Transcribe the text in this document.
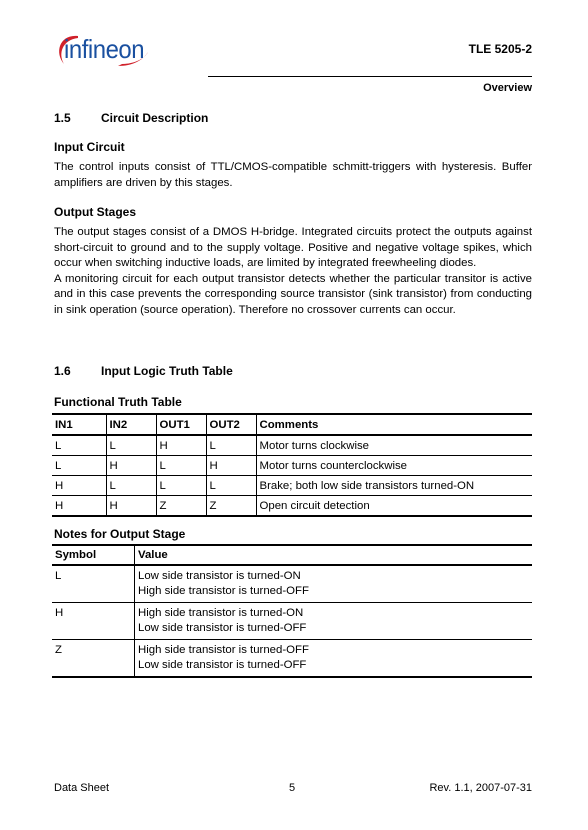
infineon	TLE 5205-2
Overview
1.5	Circuit Description
Input Circuit

The control inputs consist of TTL/CMOS-compatible schmitt-triggers with hysteresis. Buffer amplifiers are driven by this stages.

Output Stages

The output stages consist of a DMOS H-bridge. Integrated circuits protect the outputs against short-circuit to ground and to the supply voltage. Positive and negative voltage spikes, which occur when switching inductive loads, are limited by integrated freewheeling diodes.

A monitoring circuit for each output transistor detects whether the particular transitor is active and in this case prevents the corresponding source transistor (sink transistor) from conducting in sink operation (source operation). Therefore no crossover currents can occur.

1.6	Input Logic Truth Table
Functional Truth Table
IN1	IN2	OUT1	OUT2	Comments
L	L	H	L	Motor turns clockwise
L	H	L	H	Motor turns counterclockwise
H	L	L	L	Brake; both low side transistors turned-ON
H	H	Z	Z	Open circuit detection
Notes for Output Stage
Symbol	Value
L	Low side transistor is turned-ON
High side transistor is turned-OFF

H	High side transistor is turned-ON
Low side transistor is turned-OFF

Z	High side transistor is turned-OFF
Low side transistor is turned-OFF
Data Sheet	5	Rev. 1.1, 2007-07-31
